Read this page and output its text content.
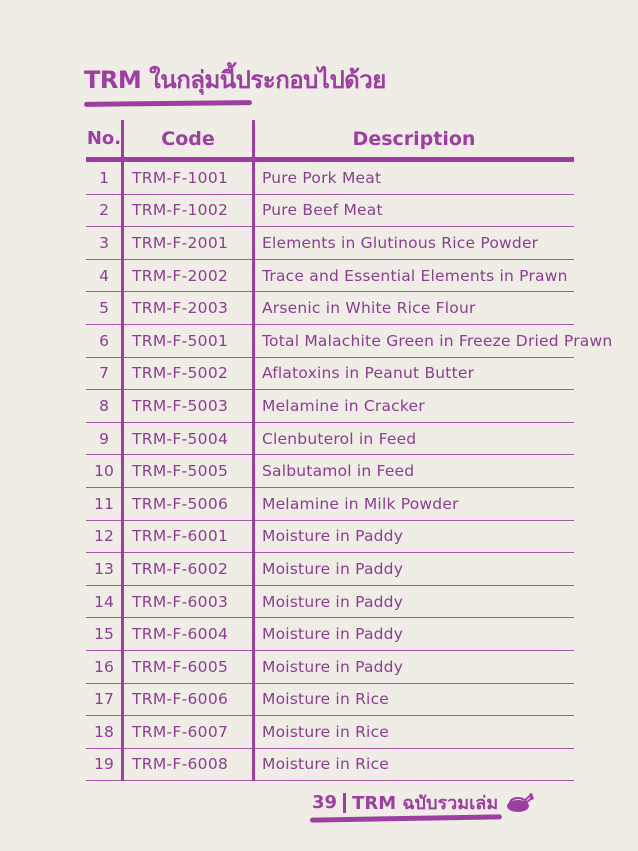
TRM ในกลุ่มนี้ประกอบไปด้วย
No.	Code	Description
1	TRM-F-1001	Pure Pork Meat
2	TRM-F-1002	Pure Beef Meat
3	TRM-F-2001	Elements in Glutinous Rice Powder
4	TRM-F-2002	Trace and Essential Elements in Prawn
5	TRM-F-2003	Arsenic in White Rice Flour
6	TRM-F-5001	Total Malachite Green in Freeze Dried Prawn
7	TRM-F-5002	Aflatoxins in Peanut Butter
8	TRM-F-5003	Melamine in Cracker
9	TRM-F-5004	Clenbuterol in Feed
10	TRM-F-5005	Salbutamol in Feed
11	TRM-F-5006	Melamine in Milk Powder
12	TRM-F-6001	Moisture in Paddy
13	TRM-F-6002	Moisture in Paddy
14	TRM-F-6003	Moisture in Paddy
15	TRM-F-6004	Moisture in Paddy
16	TRM-F-6005	Moisture in Paddy
17	TRM-F-6006	Moisture in Rice
18	TRM-F-6007	Moisture in Rice
19	TRM-F-6008	Moisture in Rice
39 TRM ฉบับรวมเล่ม
